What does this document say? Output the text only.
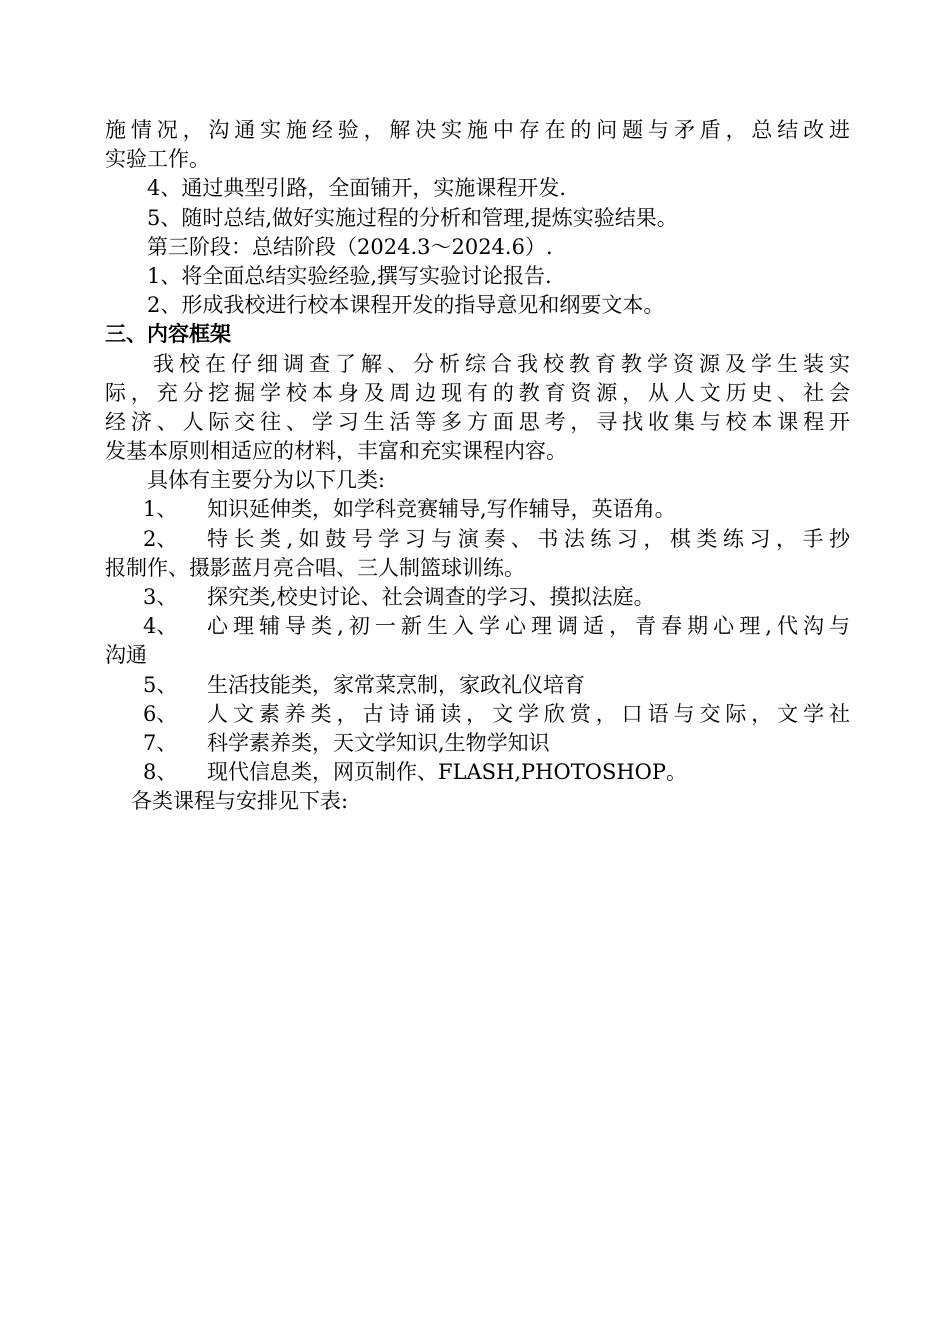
施情况，沟通实施经验，解决实施中存在的问题与矛盾，总结改进
实验工作。
4、通过典型引路，全面铺开，实施课程开发.
5、随时总结,做好实施过程的分析和管理,提炼实验结果。
第三阶段：总结阶段（2024.3～2024.6）.
1、将全面总结实验经验,撰写实验讨论报告.
2、形成我校进行校本课程开发的指导意见和纲要文本。
三、内容框架
我校在仔细调查了解、分析综合我校教育教学资源及学生装实
际，充分挖掘学校本身及周边现有的教育资源，从人文历史、社会
经济、人际交往、学习生活等多方面思考，寻找收集与校本课程开
发基本原则相适应的材料，丰富和充实课程内容。
具体有主要分为以下几类:
1、	知识延伸类，如学科竞赛辅导,写作辅导，英语角。
2、	特长类,如鼓号学习与演奏、书法练习，棋类练习，手抄
报制作、摄影蓝月亮合唱、三人制篮球训练。
3、	探究类,校史讨论、社会调查的学习、摸拟法庭。
4、	心理辅导类,初一新生入学心理调适，青春期心理,代沟与
沟通
5、	生活技能类，家常菜烹制，家政礼仪培育
6、	人文素养类，古诗诵读，文学欣赏，口语与交际，文学社
7、	科学素养类，天文学知识,生物学知识
8、	现代信息类，网页制作、FLASH,PHOTOSHOP。
各类课程与安排见下表:
